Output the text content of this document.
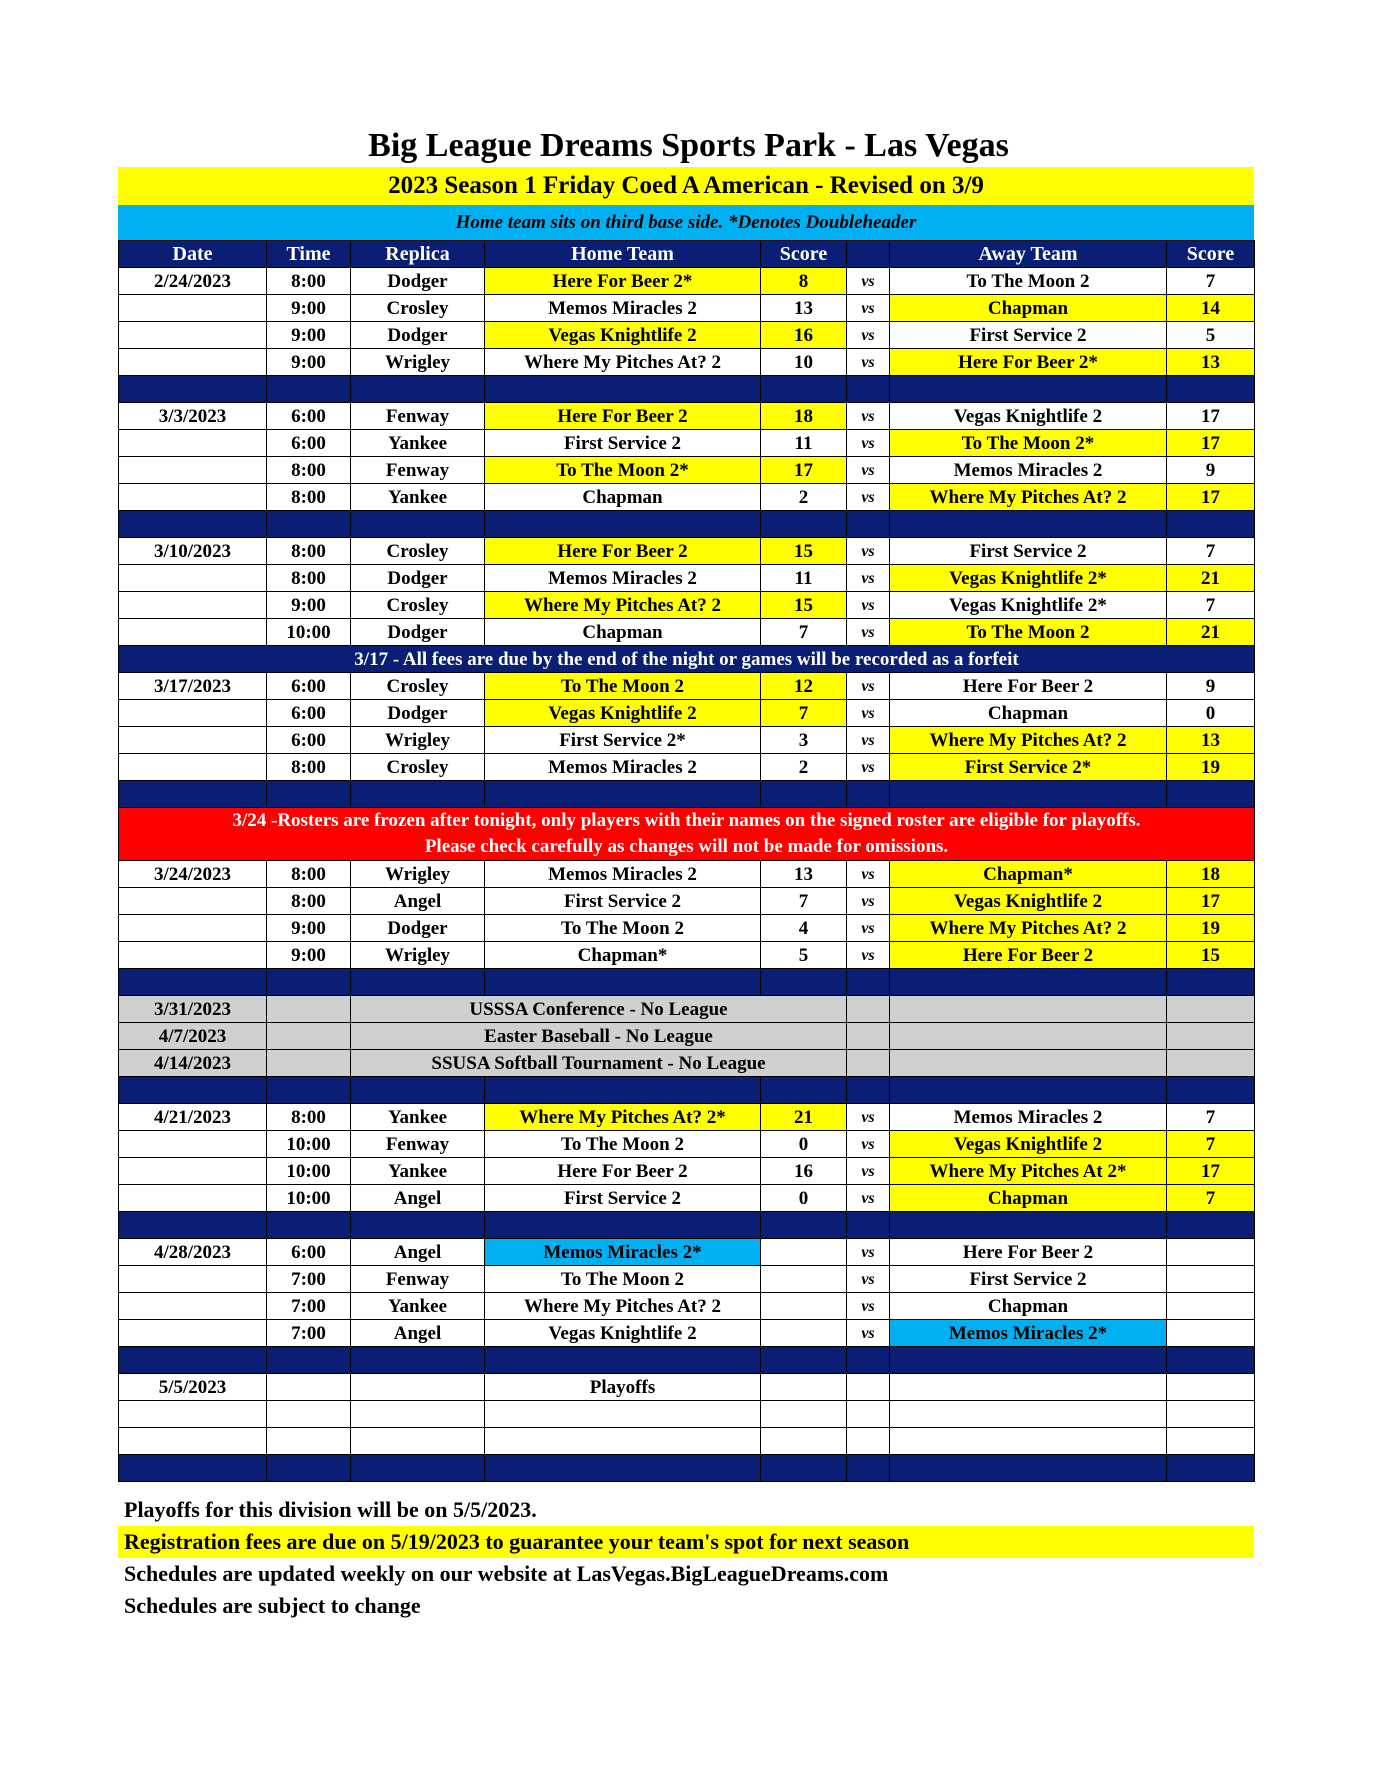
Big League Dreams Sports Park - Las Vegas
2023 Season 1 Friday Coed A American - Revised on 3/9
Home team sits on third base side. *Denotes Doubleheader
Date	Time	Replica	Home Team	Score		Away Team	Score
2/24/2023	8:00	Dodger	Here For Beer 2*	8	vs	To The Moon 2	7
	9:00	Crosley	Memos Miracles 2	13	vs	Chapman	14
	9:00	Dodger	Vegas Knightlife 2	16	vs	First Service 2	5
	9:00	Wrigley	Where My Pitches At? 2	10	vs	Here For Beer 2*	13

3/3/2023	6:00	Fenway	Here For Beer 2	18	vs	Vegas Knightlife 2	17
	6:00	Yankee	First Service 2	11	vs	To The Moon 2*	17
	8:00	Fenway	To The Moon 2*	17	vs	Memos Miracles 2	9
	8:00	Yankee	Chapman	2	vs	Where My Pitches At? 2	17

3/10/2023	8:00	Crosley	Here For Beer 2	15	vs	First Service 2	7
	8:00	Dodger	Memos Miracles 2	11	vs	Vegas Knightlife 2*	21
	9:00	Crosley	Where My Pitches At? 2	15	vs	Vegas Knightlife 2*	7
	10:00	Dodger	Chapman	7	vs	To The Moon 2	21
3/17 - All fees are due by the end of the night or games will be recorded as a forfeit							
3/17/2023	6:00	Crosley	To The Moon 2	12	vs	Here For Beer 2	9
	6:00	Dodger	Vegas Knightlife 2	7	vs	Chapman	0
	6:00	Wrigley	First Service 2*	3	vs	Where My Pitches At? 2	13
	8:00	Crosley	Memos Miracles 2	2	vs	First Service 2*	19

3/24 -Rosters are frozen after tonight, only players with their names on the signed roster are eligible for playoffs.
Please check carefully as changes will not be made for omissions.							

3/24/2023	8:00	Wrigley	Memos Miracles 2	13	vs	Chapman*	18
	8:00	Angel	First Service 2	7	vs	Vegas Knightlife 2	17
	9:00	Dodger	To The Moon 2	4	vs	Where My Pitches At? 2	19
	9:00	Wrigley	Chapman*	5	vs	Here For Beer 2	15

3/31/2023		USSSA Conference - No League					
4/7/2023		Easter Baseball - No League					
4/14/2023		SSUSA Softball Tournament - No League					

4/21/2023	8:00	Yankee	Where My Pitches At? 2*	21	vs	Memos Miracles 2	7
	10:00	Fenway	To The Moon 2	0	vs	Vegas Knightlife 2	7
	10:00	Yankee	Here For Beer 2	16	vs	Where My Pitches At 2*	17
	10:00	Angel	First Service 2	0	vs	Chapman	7

4/28/2023	6:00	Angel	Memos Miracles 2*		vs	Here For Beer 2	
	7:00	Fenway	To The Moon 2		vs	First Service 2	
	7:00	Yankee	Where My Pitches At? 2		vs	Chapman	
	7:00	Angel	Vegas Knightlife 2		vs	Memos Miracles 2*	

5/5/2023			Playoffs				

Playoffs for this division will be on 5/5/2023.
Registration fees are due on 5/19/2023 to guarantee your team's spot for next season
Schedules are updated weekly on our website at LasVegas.BigLeagueDreams.com
Schedules are subject to change
